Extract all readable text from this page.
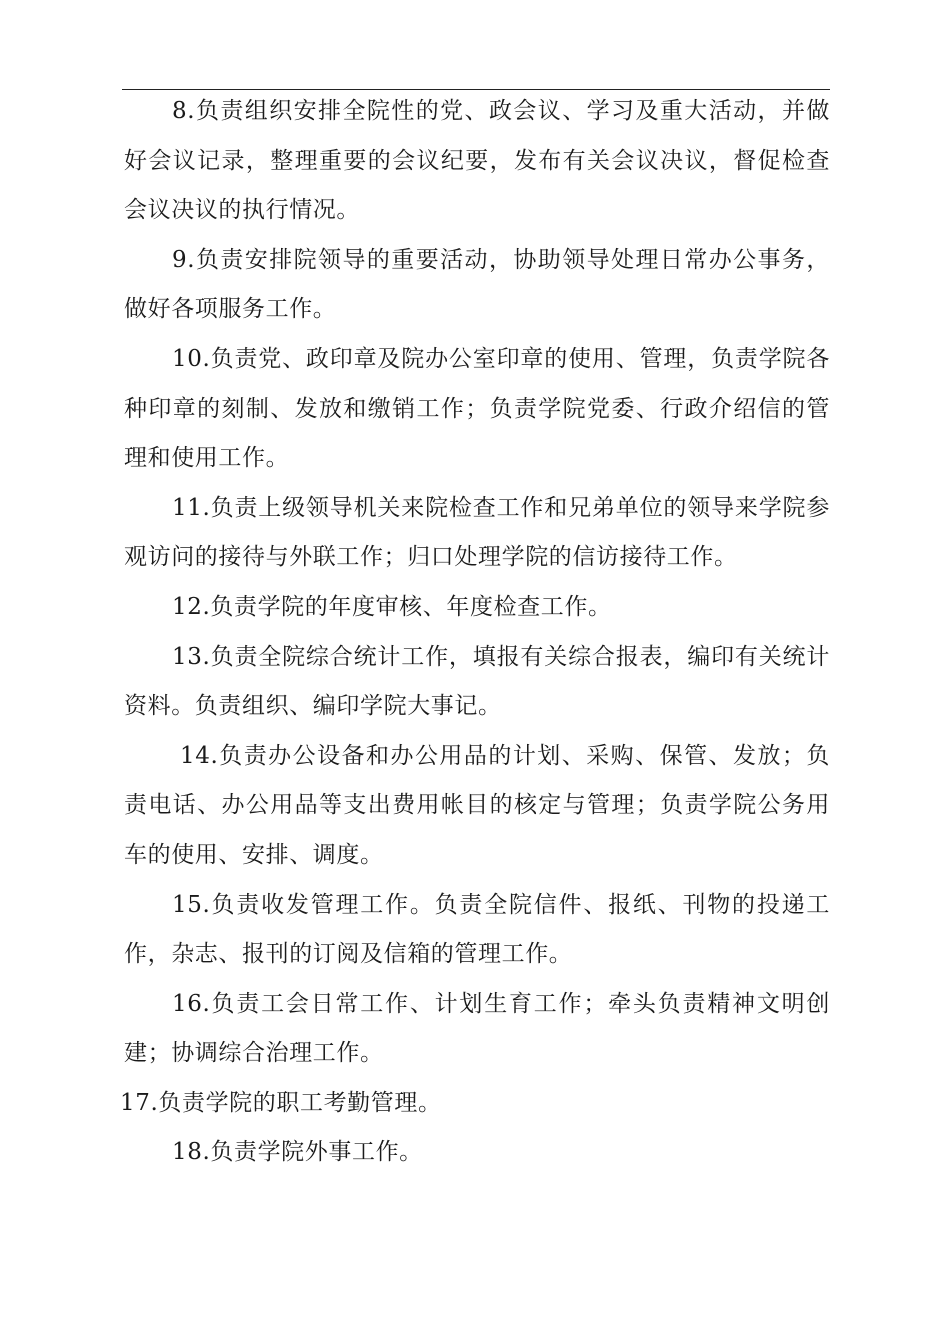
8.负责组织安排全院性的党、政会议、学习及重大活动，并做好会议记录，整理重要的会议纪要，发布有关会议决议，督促检查会议决议的执行情况。

9.负责安排院领导的重要活动，协助领导处理日常办公事务，做好各项服务工作。

10.负责党、政印章及院办公室印章的使用、管理，负责学院各种印章的刻制、发放和缴销工作；负责学院党委、行政介绍信的管理和使用工作。

11.负责上级领导机关来院检查工作和兄弟单位的领导来学院参观访问的接待与外联工作；归口处理学院的信访接待工作。

12.负责学院的年度审核、年度检查工作。

13.负责全院综合统计工作，填报有关综合报表，编印有关统计资料。负责组织、编印学院大事记。

14.负责办公设备和办公用品的计划、采购、保管、发放；负责电话、办公用品等支出费用帐目的核定与管理；负责学院公务用车的使用、安排、调度。

15.负责收发管理工作。负责全院信件、报纸、刊物的投递工作，杂志、报刊的订阅及信箱的管理工作。

16.负责工会日常工作、计划生育工作；牵头负责精神文明创建；协调综合治理工作。

17.负责学院的职工考勤管理。

18.负责学院外事工作。
